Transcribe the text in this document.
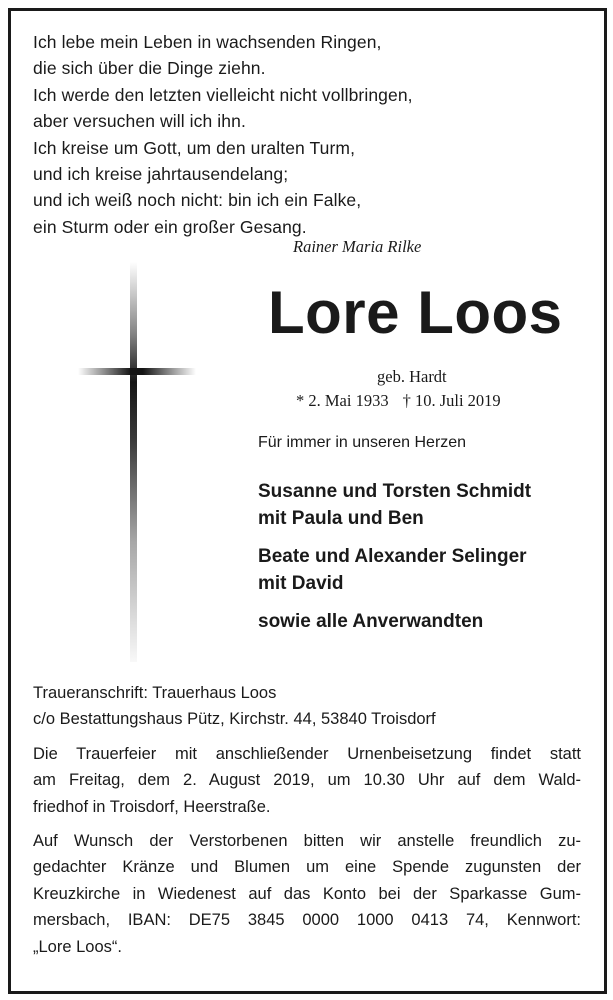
Ich lebe mein Leben in wachsenden Ringen,
die sich über die Dinge ziehn.
Ich werde den letzten vielleicht nicht vollbringen,
aber versuchen will ich ihn.
Ich kreise um Gott, um den uralten Turm,
und ich kreise jahrtausendelang;
und ich weiß noch nicht: bin ich ein Falke,
ein Sturm oder ein großer Gesang.
Rainer Maria Rilke
Lore Loos
geb. Hardt
* 2. Mai 1933 † 10. Juli 2019
Für immer in unseren Herzen
Susanne und Torsten Schmidt
mit Paula und Ben
Beate und Alexander Selinger
mit David
sowie alle Anverwandten
Traueranschrift: Trauerhaus Loos
c/o Bestattungshaus Pütz, Kirchstr. 44, 53840 Troisdorf
Die Trauerfeier mit anschließender Urnenbeisetzung findet statt
am Freitag, dem 2. August 2019, um 10.30 Uhr auf dem Wald-
friedhof in Troisdorf, Heerstraße.
Auf Wunsch der Verstorbenen bitten wir anstelle freundlich zu-
gedachter Kränze und Blumen um eine Spende zugunsten der
Kreuzkirche in Wiedenest auf das Konto bei der Sparkasse Gum-
mersbach, IBAN: DE75 3845 0000 1000 0413 74, Kennwort:
„Lore Loos“.
